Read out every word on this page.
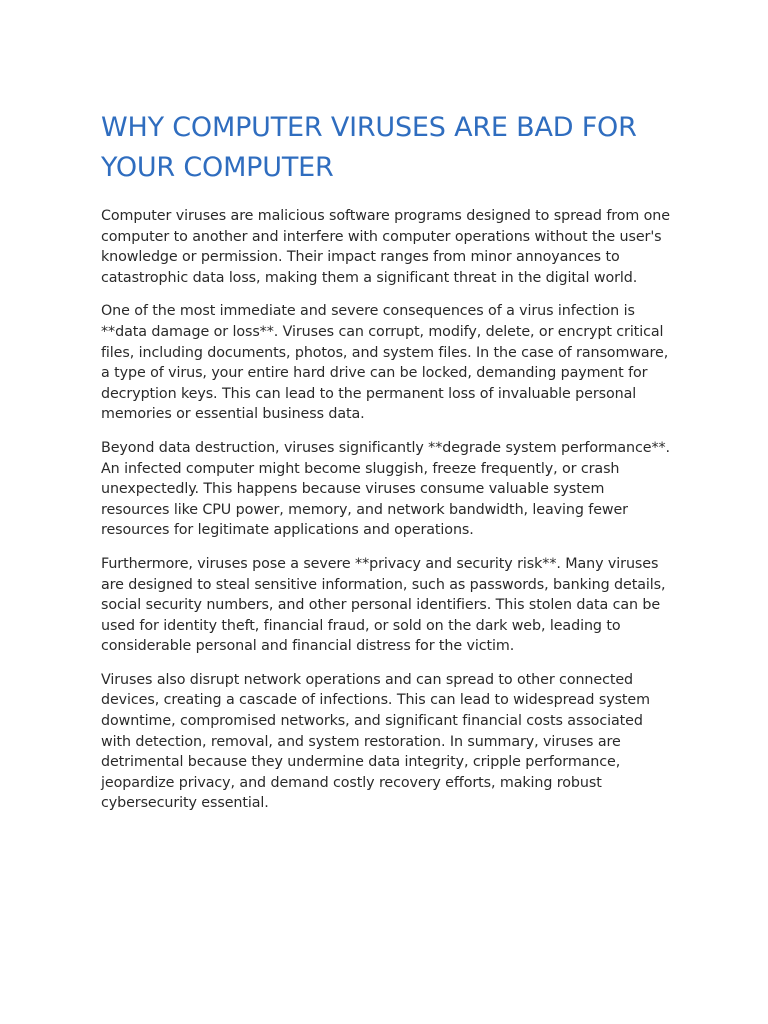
WHY COMPUTER VIRUSES ARE BAD FOR YOUR COMPUTER

Computer viruses are malicious software programs designed to spread from one computer to another and interfere with computer operations without the user's knowledge or permission. Their impact ranges from minor annoyances to catastrophic data loss, making them a significant threat in the digital world.

One of the most immediate and severe consequences of a virus infection is **data damage or loss**. Viruses can corrupt, modify, delete, or encrypt critical files, including documents, photos, and system files. In the case of ransomware, a type of virus, your entire hard drive can be locked, demanding payment for decryption keys. This can lead to the permanent loss of invaluable personal memories or essential business data.

Beyond data destruction, viruses significantly **degrade system performance**. An infected computer might become sluggish, freeze frequently, or crash unexpectedly. This happens because viruses consume valuable system resources like CPU power, memory, and network bandwidth, leaving fewer resources for legitimate applications and operations.

Furthermore, viruses pose a severe **privacy and security risk**. Many viruses are designed to steal sensitive information, such as passwords, banking details, social security numbers, and other personal identifiers. This stolen data can be used for identity theft, financial fraud, or sold on the dark web, leading to considerable personal and financial distress for the victim.

Viruses also disrupt network operations and can spread to other connected devices, creating a cascade of infections. This can lead to widespread system downtime, compromised networks, and significant financial costs associated with detection, removal, and system restoration. In summary, viruses are detrimental because they undermine data integrity, cripple performance, jeopardize privacy, and demand costly recovery efforts, making robust cybersecurity essential.
